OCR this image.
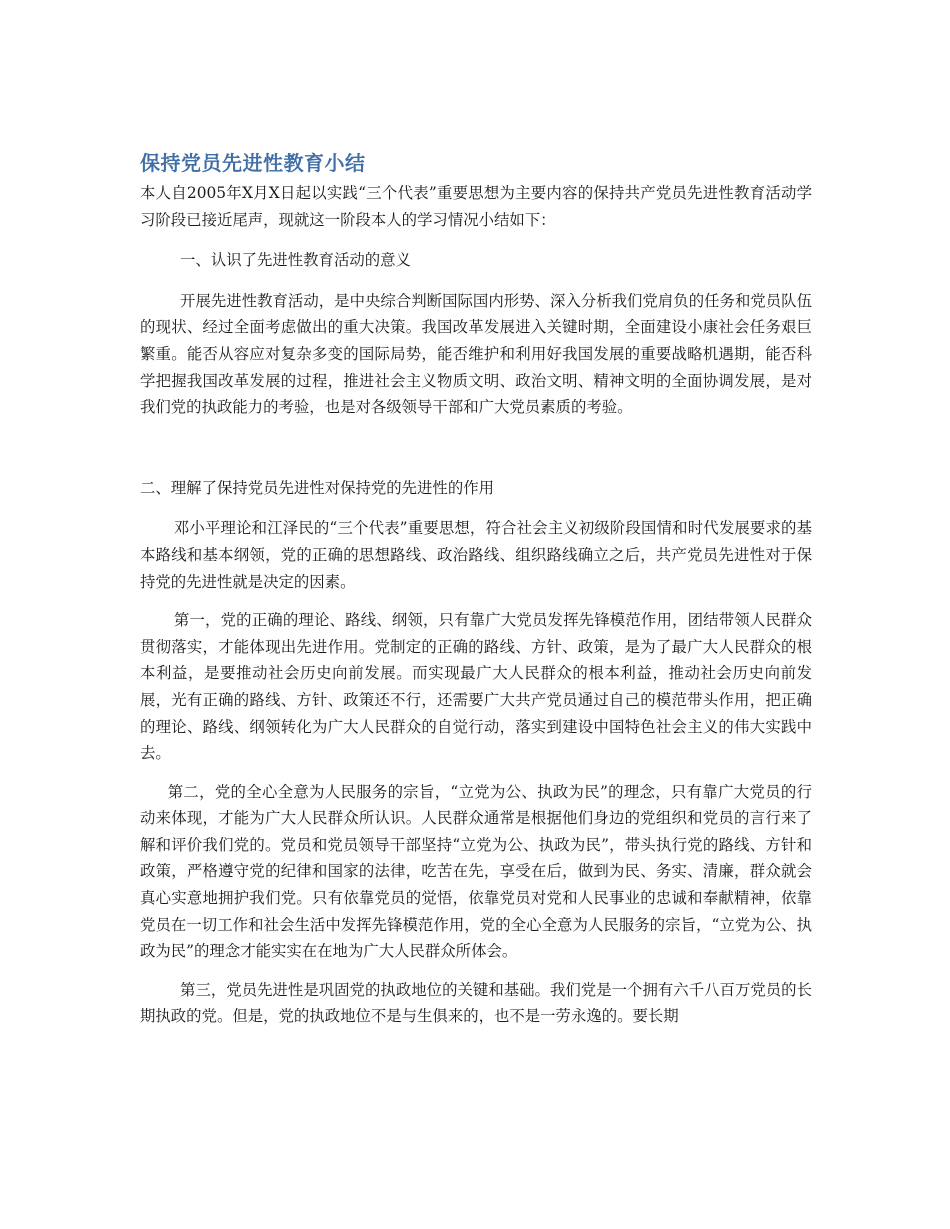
保持党员先进性教育小结

本人自2005年X月X日起以实践“三个代表”重要思想为主要内容的保持共产党员先进性教育活动学习阶段已接近尾声，现就这一阶段本人的学习情况小结如下：

一、认识了先进性教育活动的意义

开展先进性教育活动，是中央综合判断国际国内形势、深入分析我们党肩负的任务和党员队伍的现状、经过全面考虑做出的重大决策。我国改革发展进入关键时期，全面建设小康社会任务艰巨繁重。能否从容应对复杂多变的国际局势，能否维护和利用好我国发展的重要战略机遇期，能否科学把握我国改革发展的过程，推进社会主义物质文明、政治文明、精神文明的全面协调发展，是对我们党的执政能力的考验，也是对各级领导干部和广大党员素质的考验。

二、理解了保持党员先进性对保持党的先进性的作用

邓小平理论和江泽民的“三个代表”重要思想，符合社会主义初级阶段国情和时代发展要求的基本路线和基本纲领，党的正确的思想路线、政治路线、组织路线确立之后，共产党员先进性对于保持党的先进性就是决定的因素。

第一，党的正确的理论、路线、纲领，只有靠广大党员发挥先锋模范作用，团结带领人民群众贯彻落实，才能体现出先进作用。党制定的正确的路线、方针、政策，是为了最广大人民群众的根本利益，是要推动社会历史向前发展。而实现最广大人民群众的根本利益，推动社会历史向前发展，光有正确的路线、方针、政策还不行，还需要广大共产党员通过自己的模范带头作用，把正确的理论、路线、纲领转化为广大人民群众的自觉行动，落实到建设中国特色社会主义的伟大实践中去。

第二，党的全心全意为人民服务的宗旨，“立党为公、执政为民”的理念，只有靠广大党员的行动来体现，才能为广大人民群众所认识。人民群众通常是根据他们身边的党组织和党员的言行来了解和评价我们党的。党员和党员领导干部坚持“立党为公、执政为民”，带头执行党的路线、方针和政策，严格遵守党的纪律和国家的法律，吃苦在先，享受在后，做到为民、务实、清廉，群众就会真心实意地拥护我们党。只有依靠党员的觉悟，依靠党员对党和人民事业的忠诚和奉献精神，依靠党员在一切工作和社会生活中发挥先锋模范作用，党的全心全意为人民服务的宗旨，“立党为公、执政为民”的理念才能实实在在地为广大人民群众所体会。

第三，党员先进性是巩固党的执政地位的关键和基础。我们党是一个拥有六千八百万党员的长期执政的党。但是，党的执政地位不是与生俱来的，也不是一劳永逸的。要长期
